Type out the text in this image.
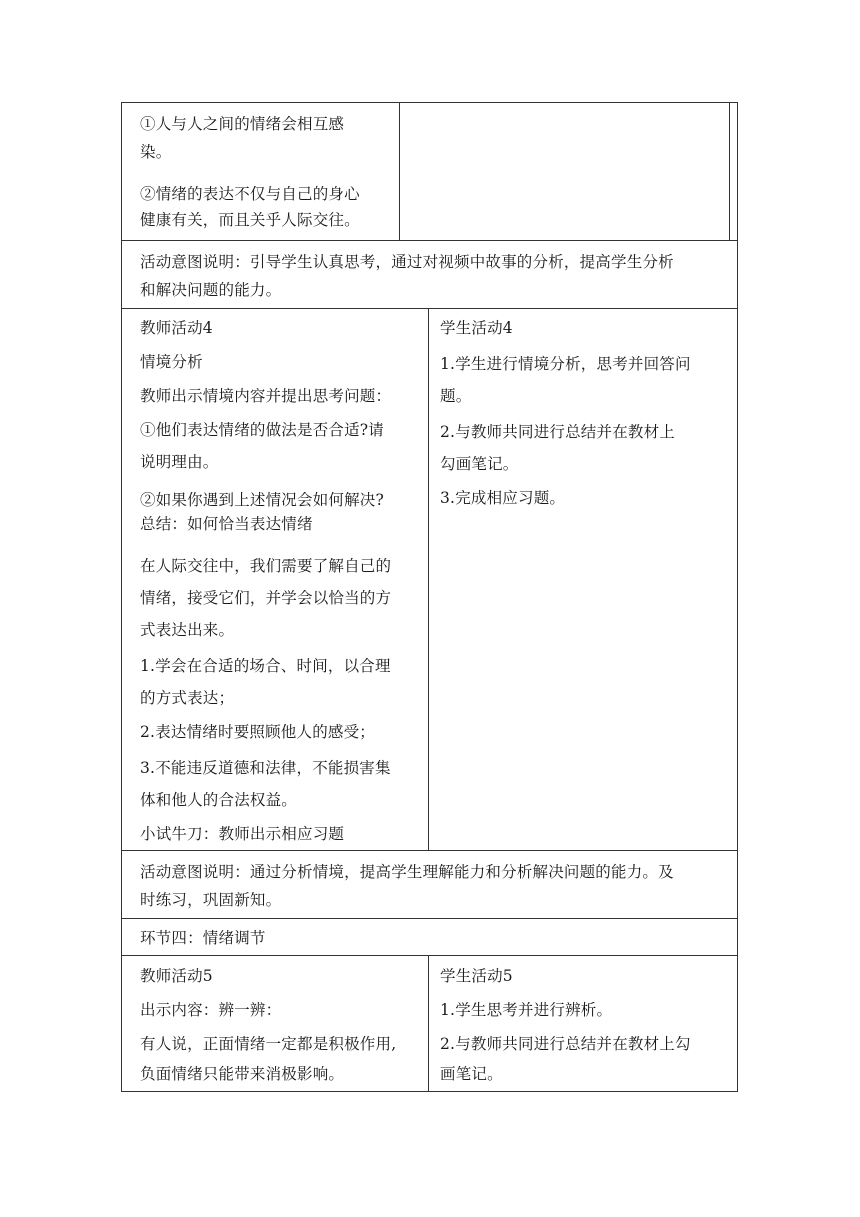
①人与人之间的情绪会相互感
染。
②情绪的表达不仅与自己的身心
健康有关，而且关乎人际交往。
活动意图说明：引导学生认真思考，通过对视频中故事的分析，提高学生分析
和解决问题的能力。
教师活动4
情境分析
教师出示情境内容并提出思考问题：
①他们表达情绪的做法是否合适?请
说明理由。
②如果你遇到上述情况会如何解决?
总结：如何恰当表达情绪
在人际交往中，我们需要了解自己的
情绪，接受它们，并学会以恰当的方
式表达出来。
1.学会在合适的场合、时间，以合理
的方式表达；
2.表达情绪时要照顾他人的感受；
3.不能违反道德和法律，不能损害集
体和他人的合法权益。
小试牛刀：教师出示相应习题
学生活动4
1.学生进行情境分析，思考并回答问
题。
2.与教师共同进行总结并在教材上
勾画笔记。
3.完成相应习题。
活动意图说明：通过分析情境，提高学生理解能力和分析解决问题的能力。及
时练习，巩固新知。
环节四：情绪调节
教师活动5
出示内容：辨一辨：
有人说，正面情绪一定都是积极作用,
负面情绪只能带来消极影响。
学生活动5
1.学生思考并进行辨析。
2.与教师共同进行总结并在教材上勾
画笔记。
